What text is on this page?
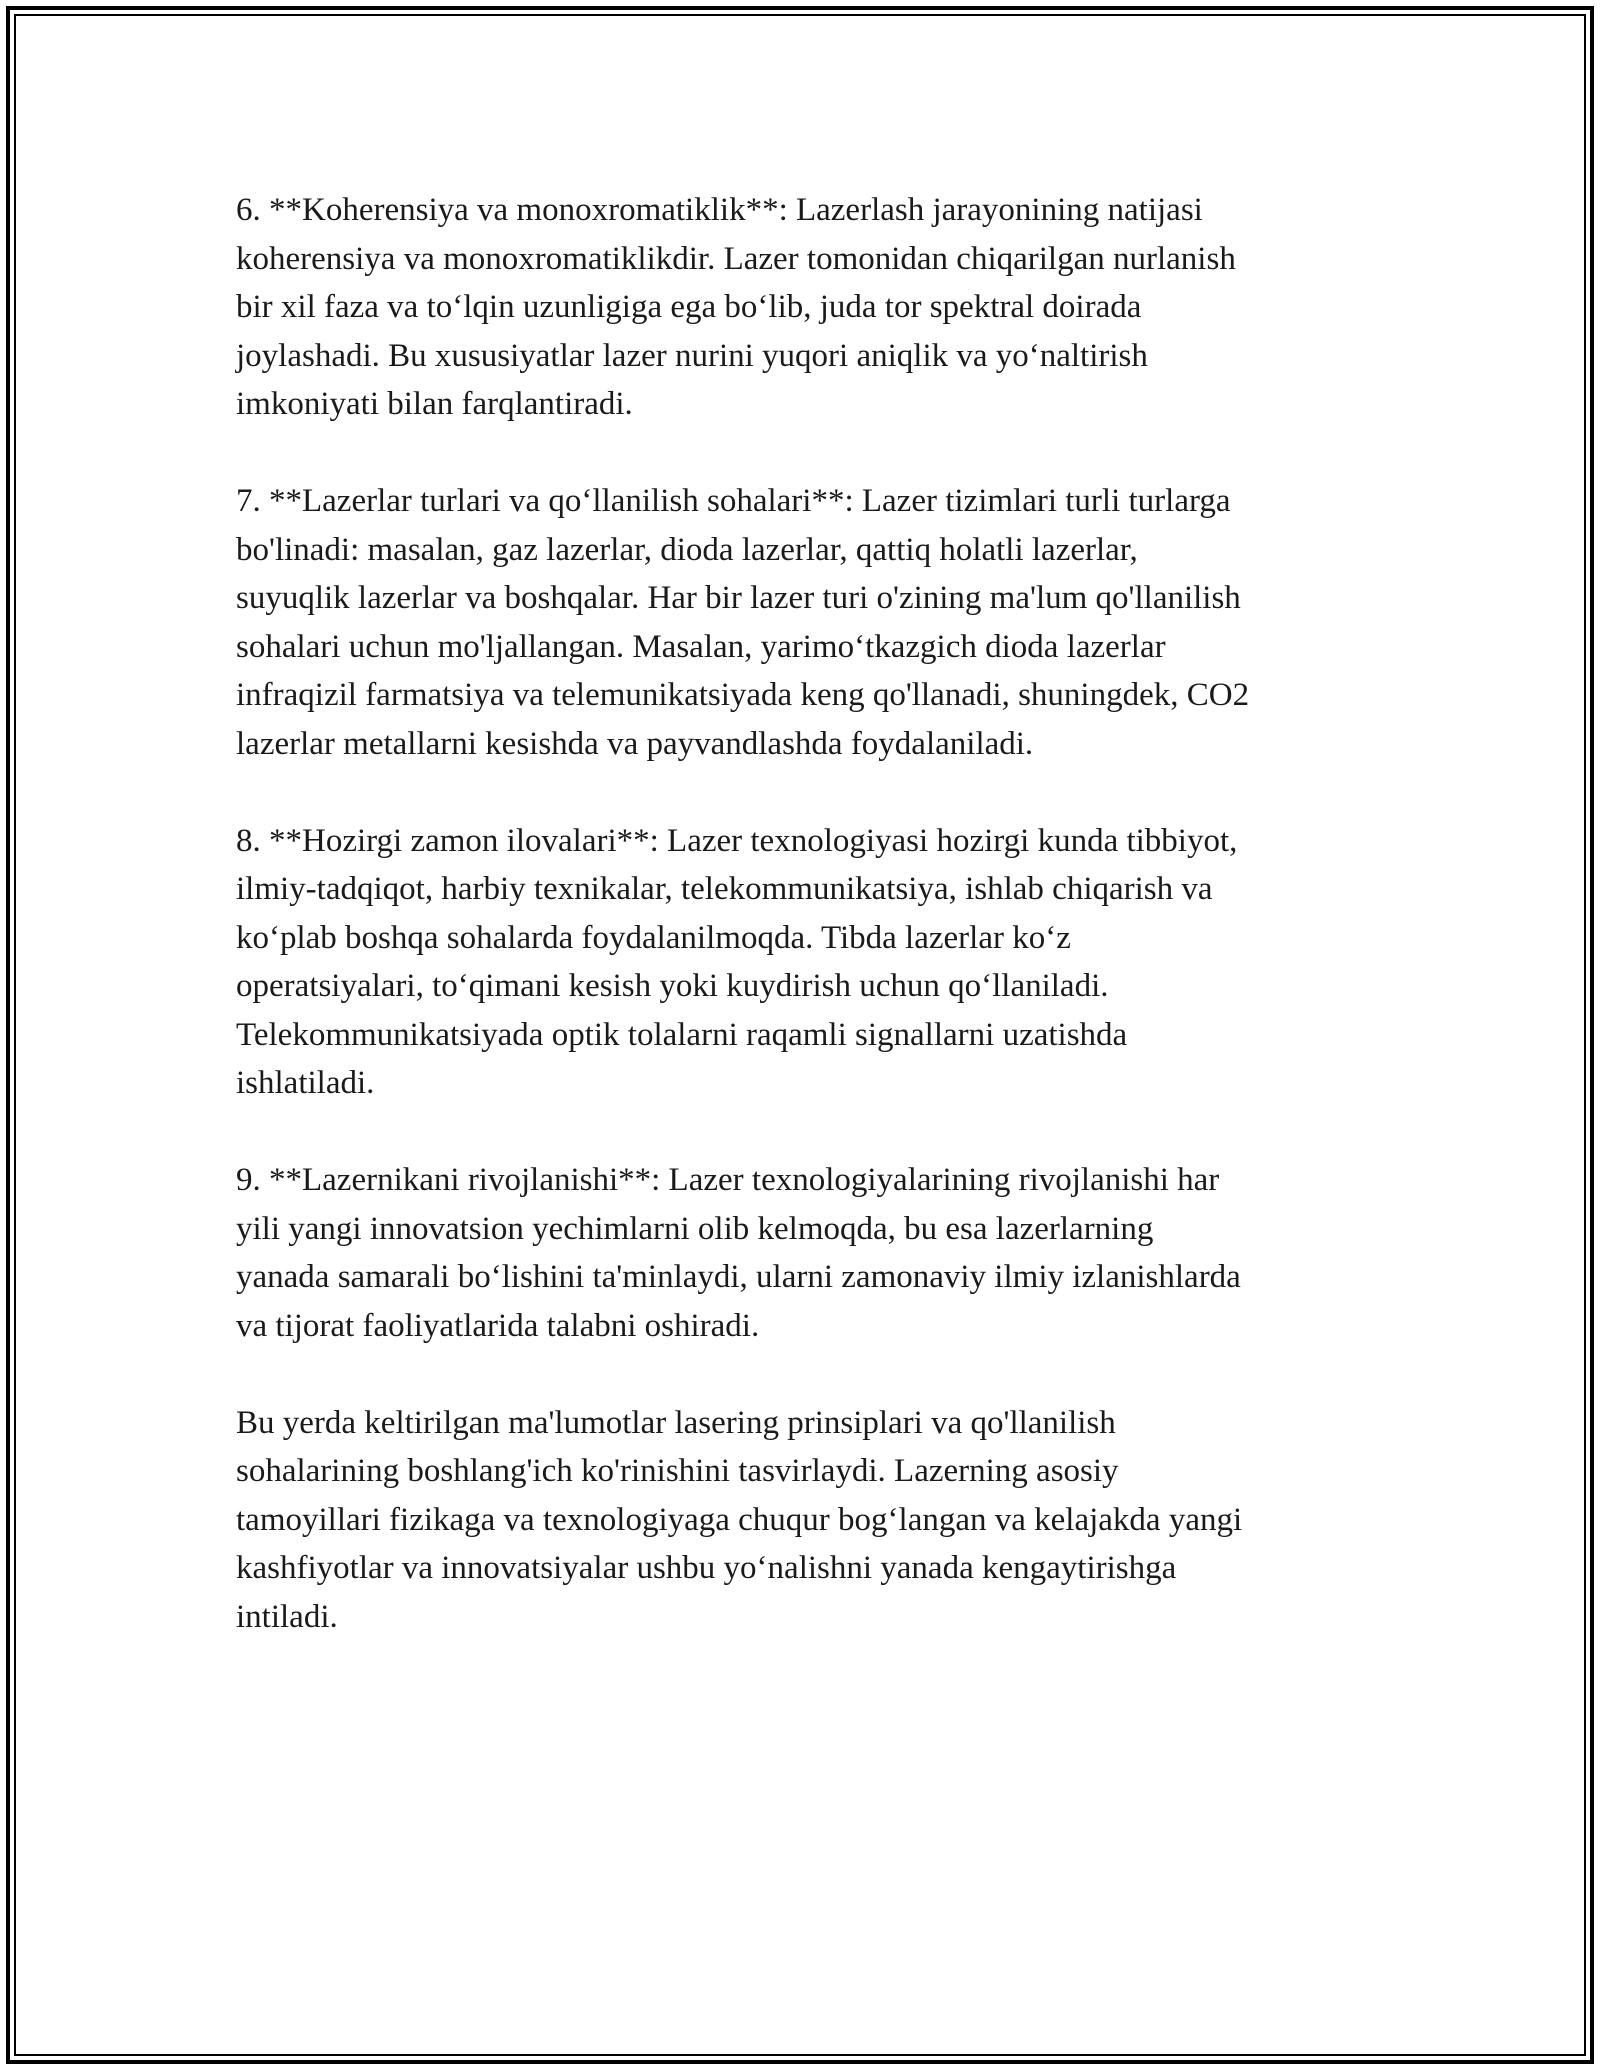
6. **Koherensiya va monoxromatiklik**: Lazerlash jarayonining natijasi
koherensiya va monoxromatiklikdir. Lazer tomonidan chiqarilgan nurlanish
bir xil faza va to‘lqin uzunligiga ega bo‘lib, juda tor spektral doirada
joylashadi. Bu xususiyatlar lazer nurini yuqori aniqlik va yo‘naltirish
imkoniyati bilan farqlantiradi.

7. **Lazerlar turlari va qo‘llanilish sohalari**: Lazer tizimlari turli turlarga
bo'linadi: masalan, gaz lazerlar, dioda lazerlar, qattiq holatli lazerlar,
suyuqlik lazerlar va boshqalar. Har bir lazer turi o'zining ma'lum qo'llanilish
sohalari uchun mo'ljallangan. Masalan, yarimo‘tkazgich dioda lazerlar
infraqizil farmatsiya va telemunikatsiyada keng qo'llanadi, shuningdek, CO2
lazerlar metallarni kesishda va payvandlashda foydalaniladi.

8. **Hozirgi zamon ilovalari**: Lazer texnologiyasi hozirgi kunda tibbiyot,
ilmiy-tadqiqot, harbiy texnikalar, telekommunikatsiya, ishlab chiqarish va
ko‘plab boshqa sohalarda foydalanilmoqda. Tibda lazerlar ko‘z
operatsiyalari, to‘qimani kesish yoki kuydirish uchun qo‘llaniladi.
Telekommunikatsiyada optik tolalarni raqamli signallarni uzatishda
ishlatiladi.

9. **Lazernikani rivojlanishi**: Lazer texnologiyalarining rivojlanishi har
yili yangi innovatsion yechimlarni olib kelmoqda, bu esa lazerlarning
yanada samarali bo‘lishini ta'minlaydi, ularni zamonaviy ilmiy izlanishlarda
va tijorat faoliyatlarida talabni oshiradi.

Bu yerda keltirilgan ma'lumotlar lasering prinsiplari va qo'llanilish
sohalarining boshlang'ich ko'rinishini tasvirlaydi. Lazerning asosiy
tamoyillari fizikaga va texnologiyaga chuqur bog‘langan va kelajakda yangi
kashfiyotlar va innovatsiyalar ushbu yo‘nalishni yanada kengaytirishga
intiladi.
